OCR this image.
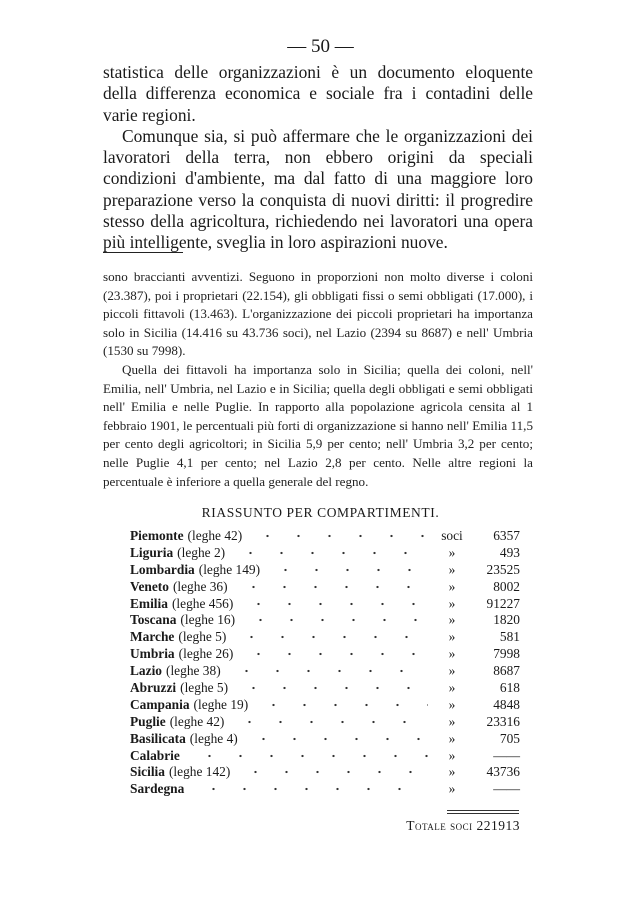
— 50 —

statistica delle organizzazioni è un documento eloquente della differenza economica e sociale fra i contadini delle varie regioni.

Comunque sia, si può affermare che le organizzazioni dei lavoratori della terra, non ebbero origini da speciali condizioni d'ambiente, ma dal fatto di una maggiore loro preparazione verso la conquista di nuovi diritti: il progredire stesso della agricoltura, richiedendo nei lavoratori una opera più intelligente, sveglia in loro aspirazioni nuove.

sono braccianti avventizi. Seguono in proporzioni non molto diverse i coloni (23.387), poi i proprietari (22.154), gli obbligati fissi o semi obbligati (17.000), i piccoli fittavoli (13.463). L'organizzazione dei piccoli proprietari ha importanza solo in Sicilia (14.416 su 43.736 soci), nel Lazio (2394 su 8687) e nell' Umbria (1530 su 7998).

Quella dei fittavoli ha importanza solo in Sicilia; quella dei coloni, nell' Emilia, nell' Umbria, nel Lazio e in Sicilia; quella degli obbligati e semi obbligati nell' Emilia e nelle Puglie. In rapporto alla popolazione agricola censita al 1 febbraio 1901, le percentuali più forti di organizzazione si hanno nell' Emilia 11,5 per cento degli agricoltori; in Sicilia 5,9 per cento; nell' Umbria 3,2 per cento; nelle Puglie 4,1 per cento; nel Lazio 2,8 per cento. Nelle altre regioni la percentuale è inferiore a quella generale del regno.

RIASSUNTO PER COMPARTIMENTI.
Piemonte (leghe 42)	soci	6357
Liguria (leghe 2)	»	493
Lombardia (leghe 149)	»	23525
Veneto (leghe 36)	»	8002
Emilia (leghe 456)	»	91227
Toscana (leghe 16)	»	1820
Marche (leghe 5)	»	581
Umbria (leghe 26)	»	7998
Lazio (leghe 38)	»	8687
Abruzzi (leghe 5)	»	618
Campania (leghe 19)	»	4848
Puglie (leghe 42)	»	23316
Basilicata (leghe 4)	»	705
Calabrie	»	——
Sicilia (leghe 142)	»	43736
Sardegna	»	——
Totale soci 221913
